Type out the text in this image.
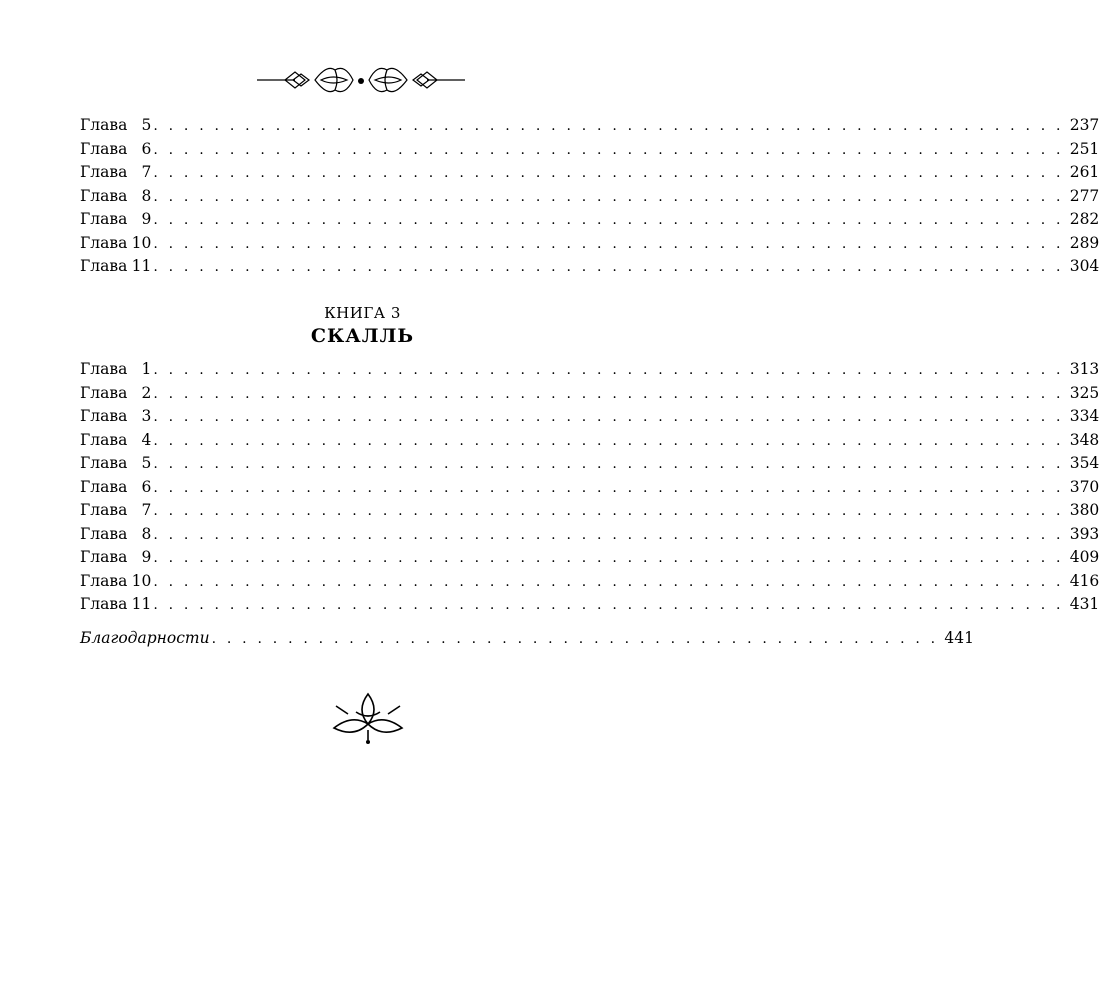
Глава 5 . . . . . . . . . . . . . . . . . . . . . . . . . . . . . . . . . . . . . . . . . . . . . . . . . . . . . . . . . . . . 237
Глава 6 . . . . . . . . . . . . . . . . . . . . . . . . . . . . . . . . . . . . . . . . . . . . . . . . . . . . . . . . . . . . 251
Глава 7 . . . . . . . . . . . . . . . . . . . . . . . . . . . . . . . . . . . . . . . . . . . . . . . . . . . . . . . . . . . . 261
Глава 8 . . . . . . . . . . . . . . . . . . . . . . . . . . . . . . . . . . . . . . . . . . . . . . . . . . . . . . . . . . . . 277
Глава 9 . . . . . . . . . . . . . . . . . . . . . . . . . . . . . . . . . . . . . . . . . . . . . . . . . . . . . . . . . . . . 282
Глава 10 . . . . . . . . . . . . . . . . . . . . . . . . . . . . . . . . . . . . . . . . . . . . . . . . . . . . . . . . . . . . 289
Глава 11 . . . . . . . . . . . . . . . . . . . . . . . . . . . . . . . . . . . . . . . . . . . . . . . . . . . . . . . . . . . . 304
КНИГА 3
СКАЛЛЬ
Глава 1 . . . . . . . . . . . . . . . . . . . . . . . . . . . . . . . . . . . . . . . . . . . . . . . . . . . . . . . . . . . . 313
Глава 2 . . . . . . . . . . . . . . . . . . . . . . . . . . . . . . . . . . . . . . . . . . . . . . . . . . . . . . . . . . . . 325
Глава 3 . . . . . . . . . . . . . . . . . . . . . . . . . . . . . . . . . . . . . . . . . . . . . . . . . . . . . . . . . . . . 334
Глава 4 . . . . . . . . . . . . . . . . . . . . . . . . . . . . . . . . . . . . . . . . . . . . . . . . . . . . . . . . . . . . 348
Глава 5 . . . . . . . . . . . . . . . . . . . . . . . . . . . . . . . . . . . . . . . . . . . . . . . . . . . . . . . . . . . . 354
Глава 6 . . . . . . . . . . . . . . . . . . . . . . . . . . . . . . . . . . . . . . . . . . . . . . . . . . . . . . . . . . . . 370
Глава 7 . . . . . . . . . . . . . . . . . . . . . . . . . . . . . . . . . . . . . . . . . . . . . . . . . . . . . . . . . . . . 380
Глава 8 . . . . . . . . . . . . . . . . . . . . . . . . . . . . . . . . . . . . . . . . . . . . . . . . . . . . . . . . . . . . 393
Глава 9 . . . . . . . . . . . . . . . . . . . . . . . . . . . . . . . . . . . . . . . . . . . . . . . . . . . . . . . . . . . . 409
Глава 10 . . . . . . . . . . . . . . . . . . . . . . . . . . . . . . . . . . . . . . . . . . . . . . . . . . . . . . . . . . . . 416
Глава 11 . . . . . . . . . . . . . . . . . . . . . . . . . . . . . . . . . . . . . . . . . . . . . . . . . . . . . . . . . . . . 431
Благодарности . . . . . . . . . . . . . . . . . . . . . . . . . . . . . . . . . . . . . . . . . . . . . . . . 441
